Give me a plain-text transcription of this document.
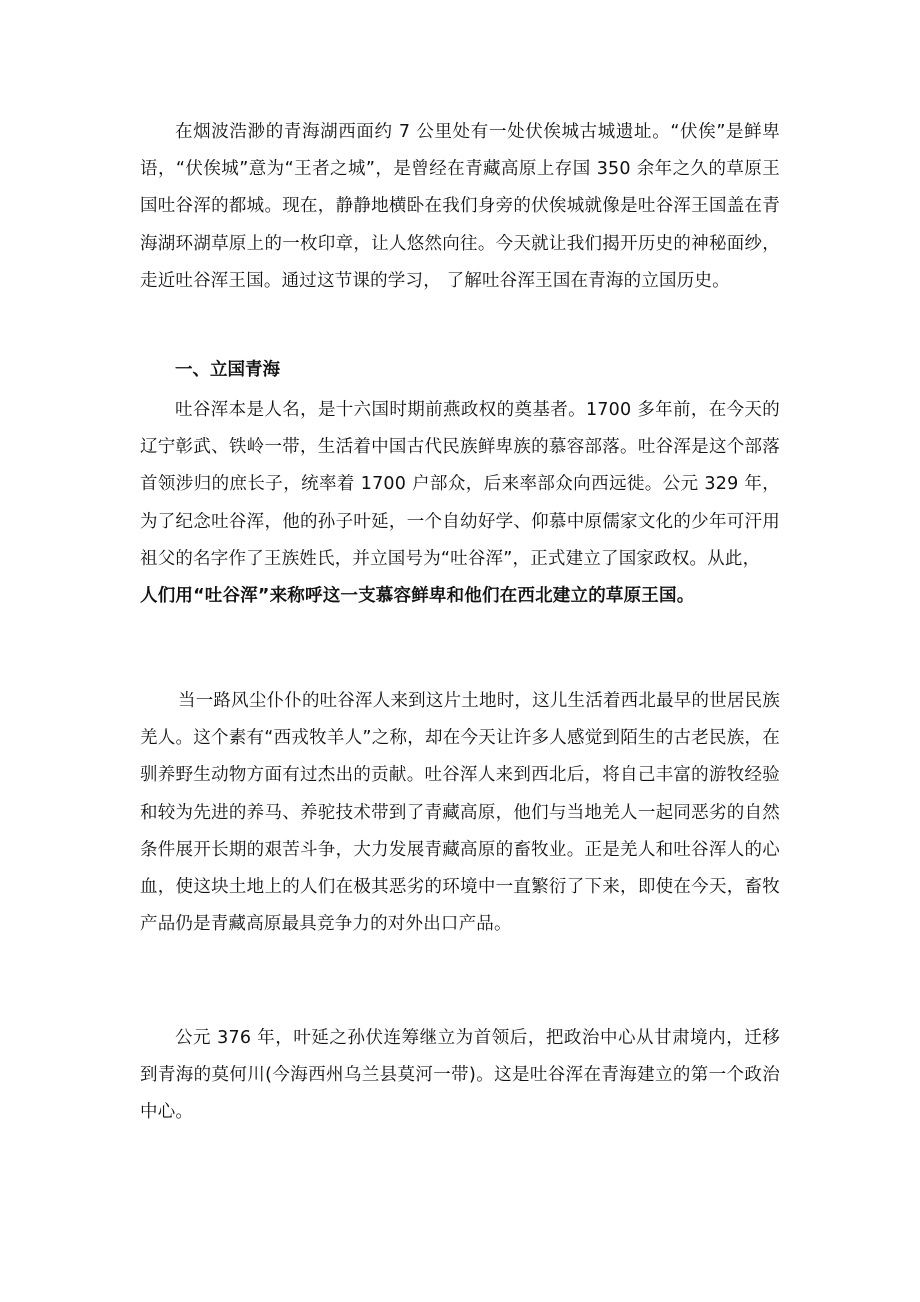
在烟波浩渺的青海湖西面约 7 公里处有一处伏俟城古城遗址。“伏俟”是鲜卑语，“伏俟城”意为“王者之城”，是曾经在青藏高原上存国 350 余年之久的草原王国吐谷浑的都城。现在，静静地横卧在我们身旁的伏俟城就像是吐谷浑王国盖在青海湖环湖草原上的一枚印章，让人悠然向往。今天就让我们揭开历史的神秘面纱，走近吐谷浑王国。通过这节课的学习， 了解吐谷浑王国在青海的立国历史。

一、立国青海

吐谷浑本是人名，是十六国时期前燕政权的奠基者。1700 多年前，在今天的辽宁彰武、铁岭一带，生活着中国古代民族鲜卑族的慕容部落。吐谷浑是这个部落首领涉归的庶长子，统率着 1700 户部众，后来率部众向西远徙。公元 329 年，为了纪念吐谷浑，他的孙子叶延，一个自幼好学、仰慕中原儒家文化的少年可汗用祖父的名字作了王族姓氏，并立国号为“吐谷浑”，正式建立了国家政权。从此，

人们用“吐谷浑”来称呼这一支慕容鲜卑和他们在西北建立的草原王国。

当一路风尘仆仆的吐谷浑人来到这片土地时，这儿生活着西北最早的世居民族羌人。这个素有“西戎牧羊人”之称，却在今天让许多人感觉到陌生的古老民族，在驯养野生动物方面有过杰出的贡献。吐谷浑人来到西北后，将自己丰富的游牧经验和较为先进的养马、养驼技术带到了青藏高原，他们与当地羌人一起同恶劣的自然条件展开长期的艰苦斗争，大力发展青藏高原的畜牧业。正是羌人和吐谷浑人的心血，使这块土地上的人们在极其恶劣的环境中一直繁衍了下来，即使在今天，畜牧产品仍是青藏高原最具竞争力的对外出口产品。

公元 376 年，叶延之孙伏连筹继立为首领后，把政治中心从甘肃境内，迁移到青海的莫何川(今海西州乌兰县莫河一带)。这是吐谷浑在青海建立的第一个政治中心。
